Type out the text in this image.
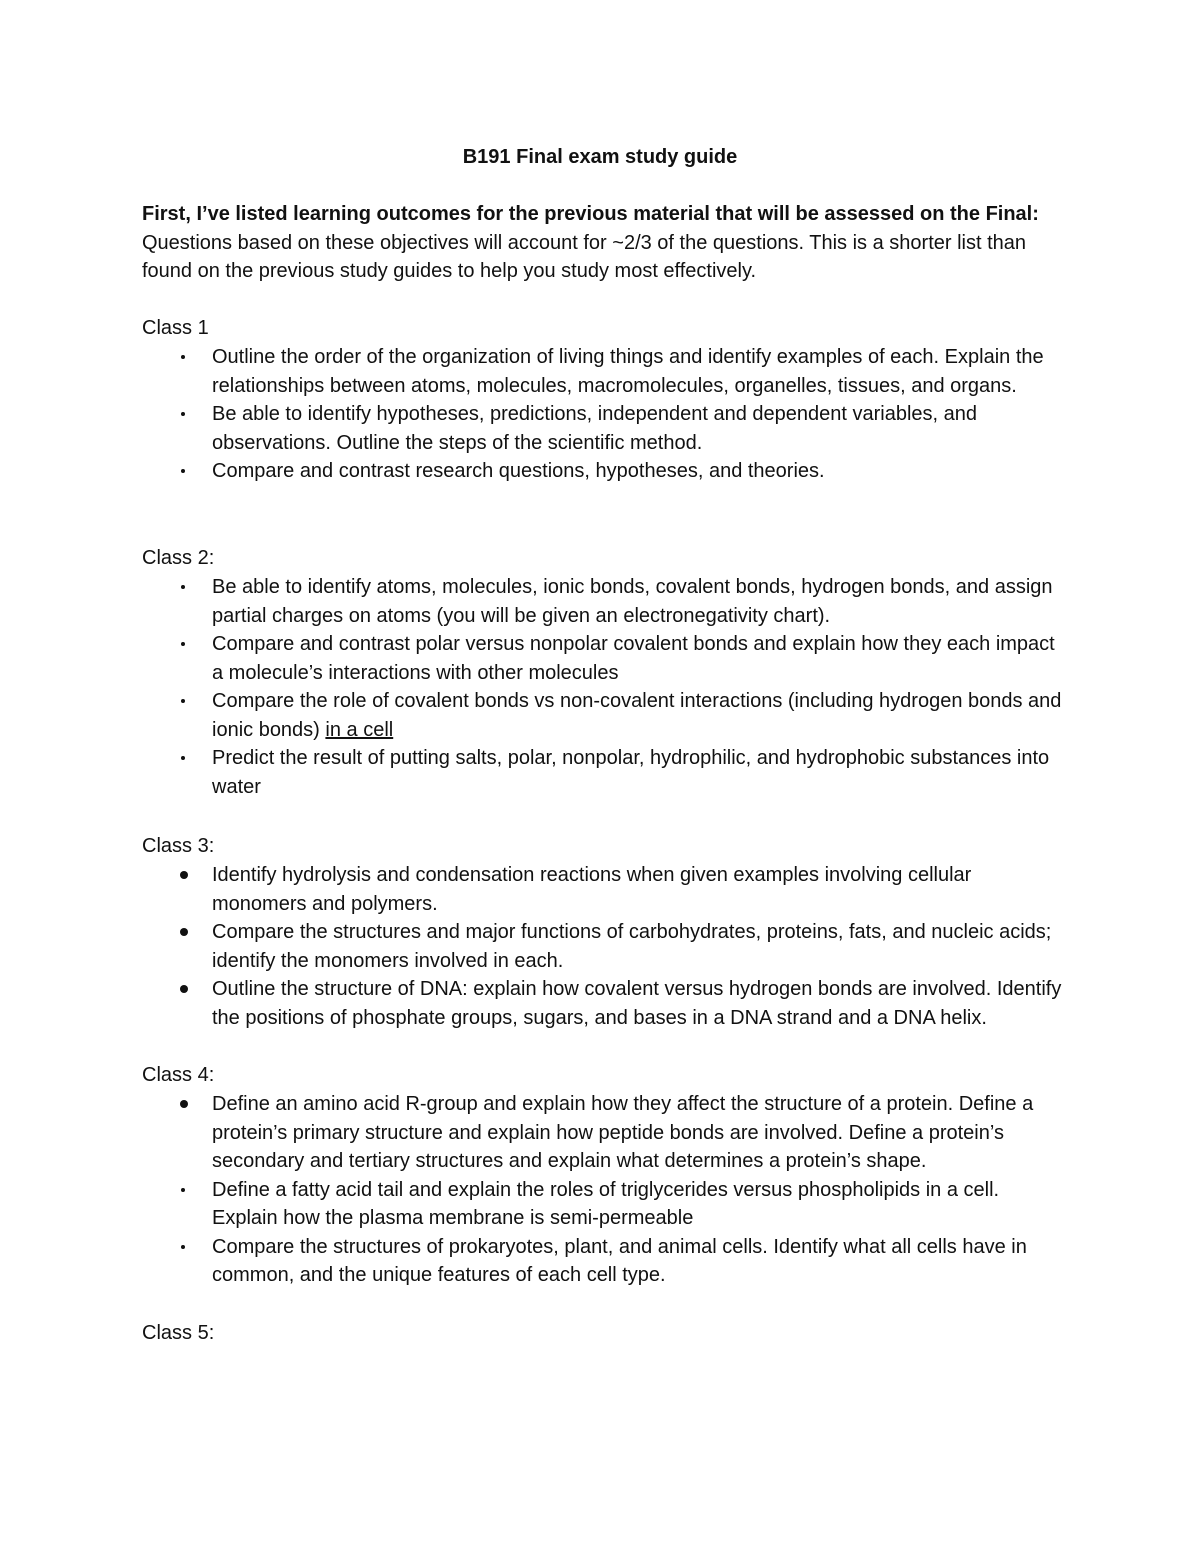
B191 Final exam study guide
First, I’ve listed learning outcomes for the previous material that will be assessed on the Final: Questions based on these objectives will account for ~2/3 of the questions. This is a shorter list than found on the previous study guides to help you study most effectively.
Class 1
Outline the order of the organization of living things and identify examples of each. Explain the relationships between atoms, molecules, macromolecules, organelles, tissues, and organs.
Be able to identify hypotheses, predictions, independent and dependent variables, and observations. Outline the steps of the scientific method.
Compare and contrast research questions, hypotheses, and theories.
Class 2:
Be able to identify atoms, molecules, ionic bonds, covalent bonds, hydrogen bonds, and assign partial charges on atoms (you will be given an electronegativity chart).
Compare and contrast polar versus nonpolar covalent bonds and explain how they each impact a molecule’s interactions with other molecules
Compare the role of covalent bonds vs non-covalent interactions (including hydrogen bonds and ionic bonds) in a cell
Predict the result of putting salts, polar, nonpolar, hydrophilic, and hydrophobic substances into water
Class 3:
Identify hydrolysis and condensation reactions when given examples involving cellular monomers and polymers.
Compare the structures and major functions of carbohydrates, proteins, fats, and nucleic acids; identify the monomers involved in each.
Outline the structure of DNA: explain how covalent versus hydrogen bonds are involved. Identify the positions of phosphate groups, sugars, and bases in a DNA strand and a DNA helix.
Class 4:
Define an amino acid R-group and explain how they affect the structure of a protein. Define a protein’s primary structure and explain how peptide bonds are involved. Define a protein’s secondary and tertiary structures and explain what determines a protein’s shape.
Define a fatty acid tail and explain the roles of triglycerides versus phospholipids in a cell. Explain how the plasma membrane is semi-permeable
Compare the structures of prokaryotes, plant, and animal cells. Identify what all cells have in common, and the unique features of each cell type.
Class 5:
